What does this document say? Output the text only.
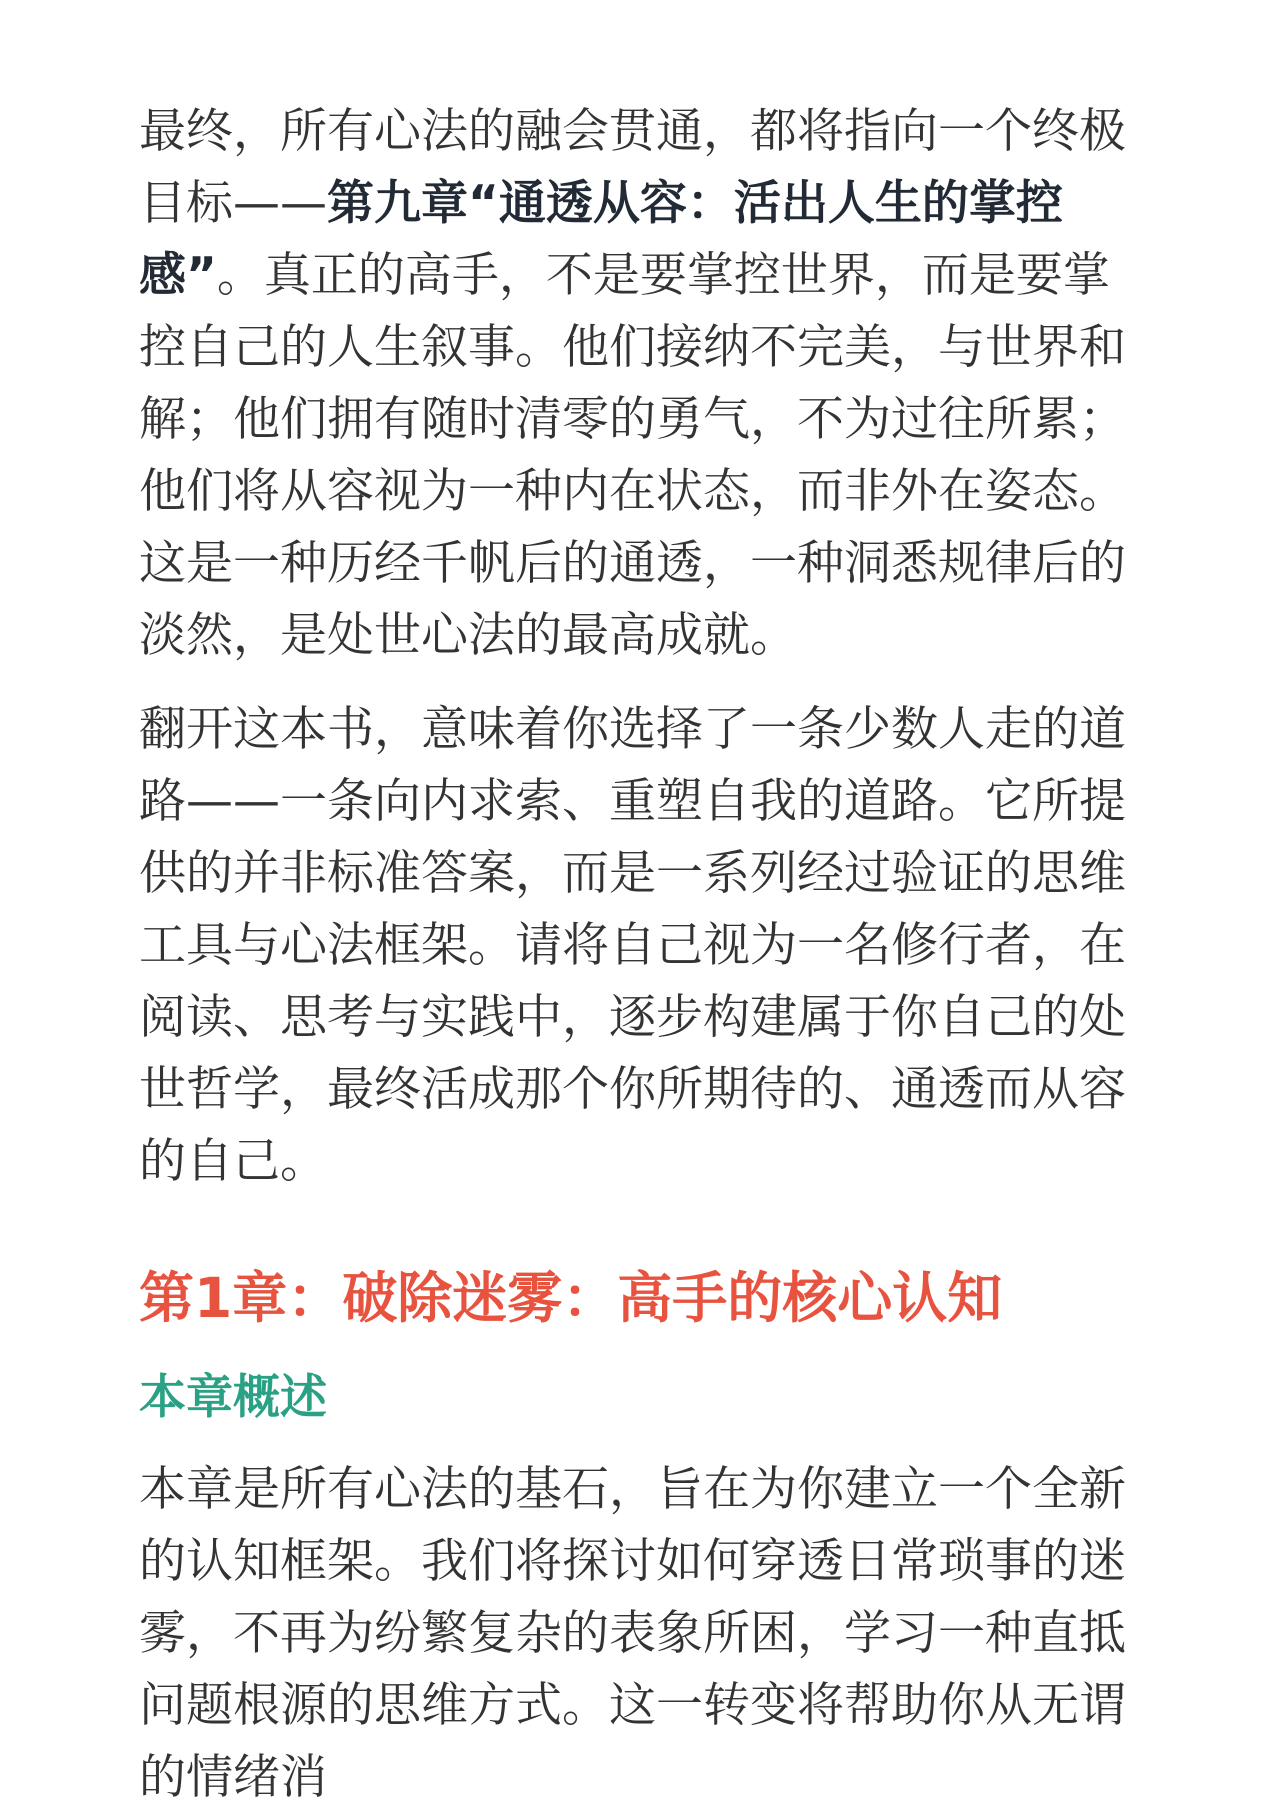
最终，所有心法的融会贯通，都将指向一个终极目标——第九章“通透从容：活出人生的掌控感”。真正的高手，不是要掌控世界，而是要掌控自己的人生叙事。他们接纳不完美，与世界和解；他们拥有随时清零的勇气，不为过往所累；他们将从容视为一种内在状态，而非外在姿态。这是一种历经千帆后的通透，一种洞悉规律后的淡然，是处世心法的最高成就。

翻开这本书，意味着你选择了一条少数人走的道路——一条向内求索、重塑自我的道路。它所提供的并非标准答案，而是一系列经过验证的思维工具与心法框架。请将自己视为一名修行者，在阅读、思考与实践中，逐步构建属于你自己的处世哲学，最终活成那个你所期待的、通透而从容的自己。

第1章：破除迷雾：高手的核心认知
本章概述

本章是所有心法的基石，旨在为你建立一个全新的认知框架。我们将探讨如何穿透日常琐事的迷雾，不再为纷繁复杂的表象所困，学习一种直抵问题根源的思维方式。这一转变将帮助你从无谓的情绪消
